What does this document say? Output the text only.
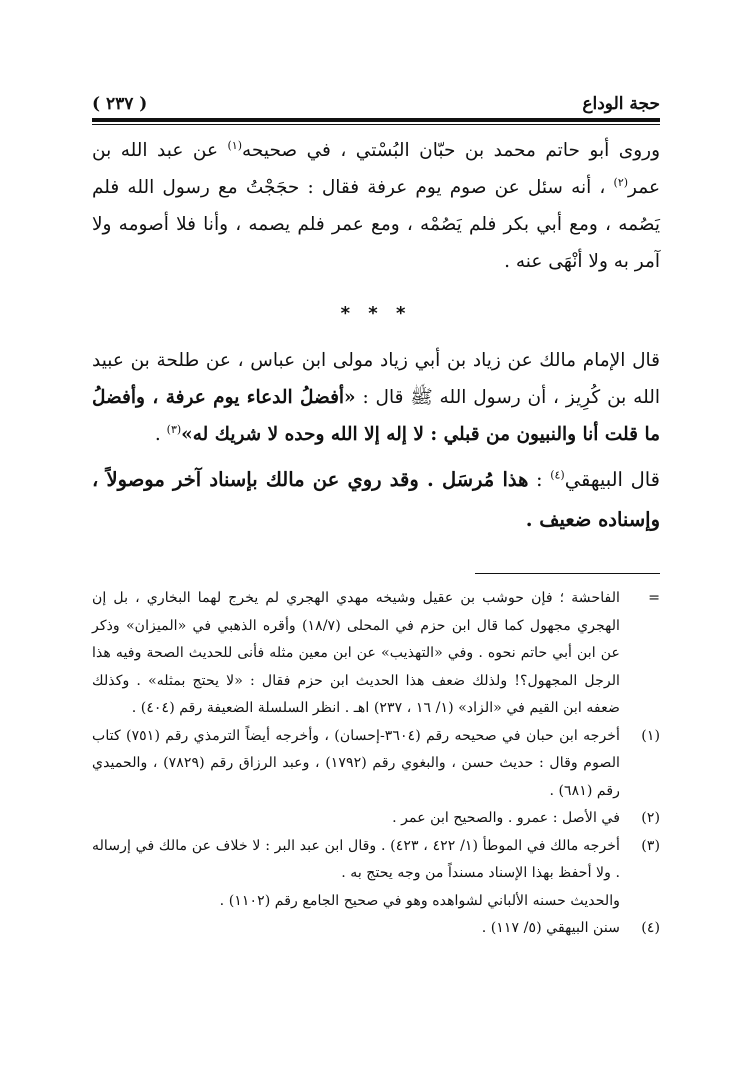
حجة الوداع
( ٢٣٧ )
وروى أبو حاتم محمد بن حبّان البُسْتي ، في صحيحه$^{(١)}$ عن عبد الله بن عمر$^{(٢)}$ ، أنه سئل عن صوم يوم عرفة فقال : حجَجْتُ مع رسول الله فلم يَصُمه ، ومع أبي بكر فلم يَصُمْه ، ومع عمر فلم يصمه ، وأنا فلا أصومه ولا آمر به ولا أنْهَى عنه .
* * *
قال الإمام مالك عن زياد بن أبي زياد مولى ابن عباس ، عن طلحة بن عبيد الله بن كُرِيز ، أن رسول الله ﷺ قال : «أفضلُ الدعاء يوم عرفة ، وأفضلُ ما قلت أنا والنبيون من قبلي : لا إله إلا الله وحده لا شريك له»$^{(٣)}$ .
قال البيهقي$^{(٤)}$ : هذا مُرسَل . وقد روي عن مالك بإسناد آخر موصولاً ، وإسناده ضعيف .
=
الفاحشة ؛ فإن حوشب بن عقيل وشيخه مهدي الهجري لم يخرج لهما البخاري ، بل إن الهجري مجهول كما قال ابن حزم في المحلى (١٨/٧) وأقره الذهبي في «الميزان» وذكر عن ابن أبي حاتم نحوه . وفي «التهذيب» عن ابن معين مثله فأنى للحديث الصحة وفيه هذا الرجل المجهول؟! ولذلك ضعف هذا الحديث ابن حزم فقال : «لا يحتج بمثله» . وكذلك ضعفه ابن القيم في «الزاد» (١/ ١٦ ، ٢٣٧) اهـ . انظر السلسلة الضعيفة رقم (٤٠٤) .
(١)
أخرجه ابن حبان في صحيحه رقم (٣٦٠٤-إحسان) ، وأخرجه أيضاً الترمذي رقم (٧٥١) كتاب الصوم وقال : حديث حسن ، والبغوي رقم (١٧٩٢) ، وعبد الرزاق رقم (٧٨٢٩) ، والحميدي رقم (٦٨١) .
(٢)
في الأصل : عمرو . والصحيح ابن عمر .
(٣)
أخرجه مالك في الموطأ (١/ ٤٢٢ ، ٤٢٣) . وقال ابن عبد البر : لا خلاف عن مالك في إرساله . ولا أحفظ بهذا الإسناد مسنداً من وجه يحتج به .
والحديث حسنه الألباني لشواهده وهو في صحيح الجامع رقم (١١٠٢) .
(٤)
سنن البيهقي (٥/ ١١٧) .
